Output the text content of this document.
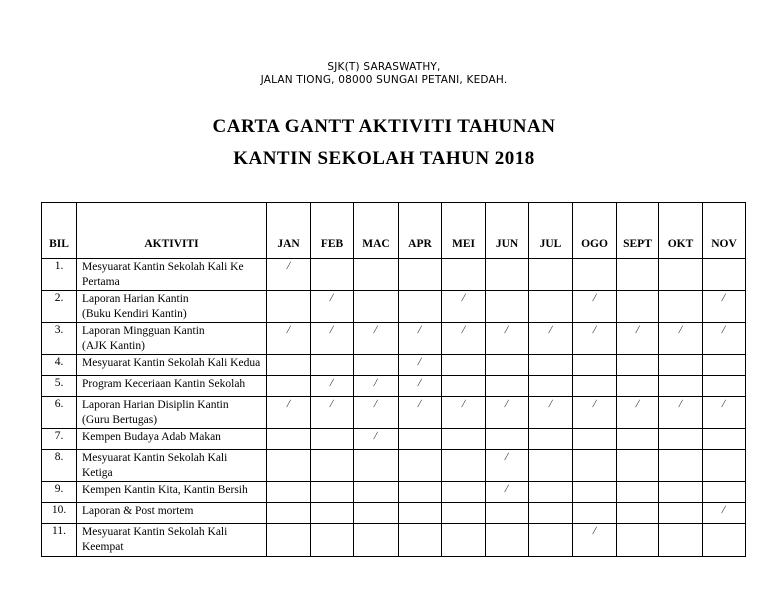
SJK(T) SARASWATHY,
JALAN TIONG, 08000 SUNGAI PETANI, KEDAH.
CARTA GANTT AKTIVITI TAHUNAN
KANTIN SEKOLAH TAHUN 2018
BIL	AKTIVITI	JAN	FEB	MAC	APR	MEI	JUN	JUL	OGO	SEPT	OKT	NOV
1.	Mesyuarat Kantin Sekolah Kali Ke
Pertama	/										
2.	Laporan Harian Kantin
(Buku Kendiri Kantin)		/			/			/			/
3.	Laporan Mingguan Kantin
(AJK Kantin)	/	/	/	/	/	/	/	/	/	/	/
4.	Mesyuarat Kantin Sekolah Kali Kedua				/							
5.	Program Keceriaan Kantin Sekolah		/	/	/							
6.	Laporan Harian Disiplin Kantin
(Guru Bertugas)	/	/	/	/	/	/	/	/	/	/	/
7.	Kempen Budaya Adab Makan			/								
8.	Mesyuarat Kantin Sekolah Kali
Ketiga						/					
9.	Kempen Kantin Kita, Kantin Bersih						/					
10.	Laporan & Post mortem											/
11.	Mesyuarat Kantin Sekolah Kali
Keempat								/			
